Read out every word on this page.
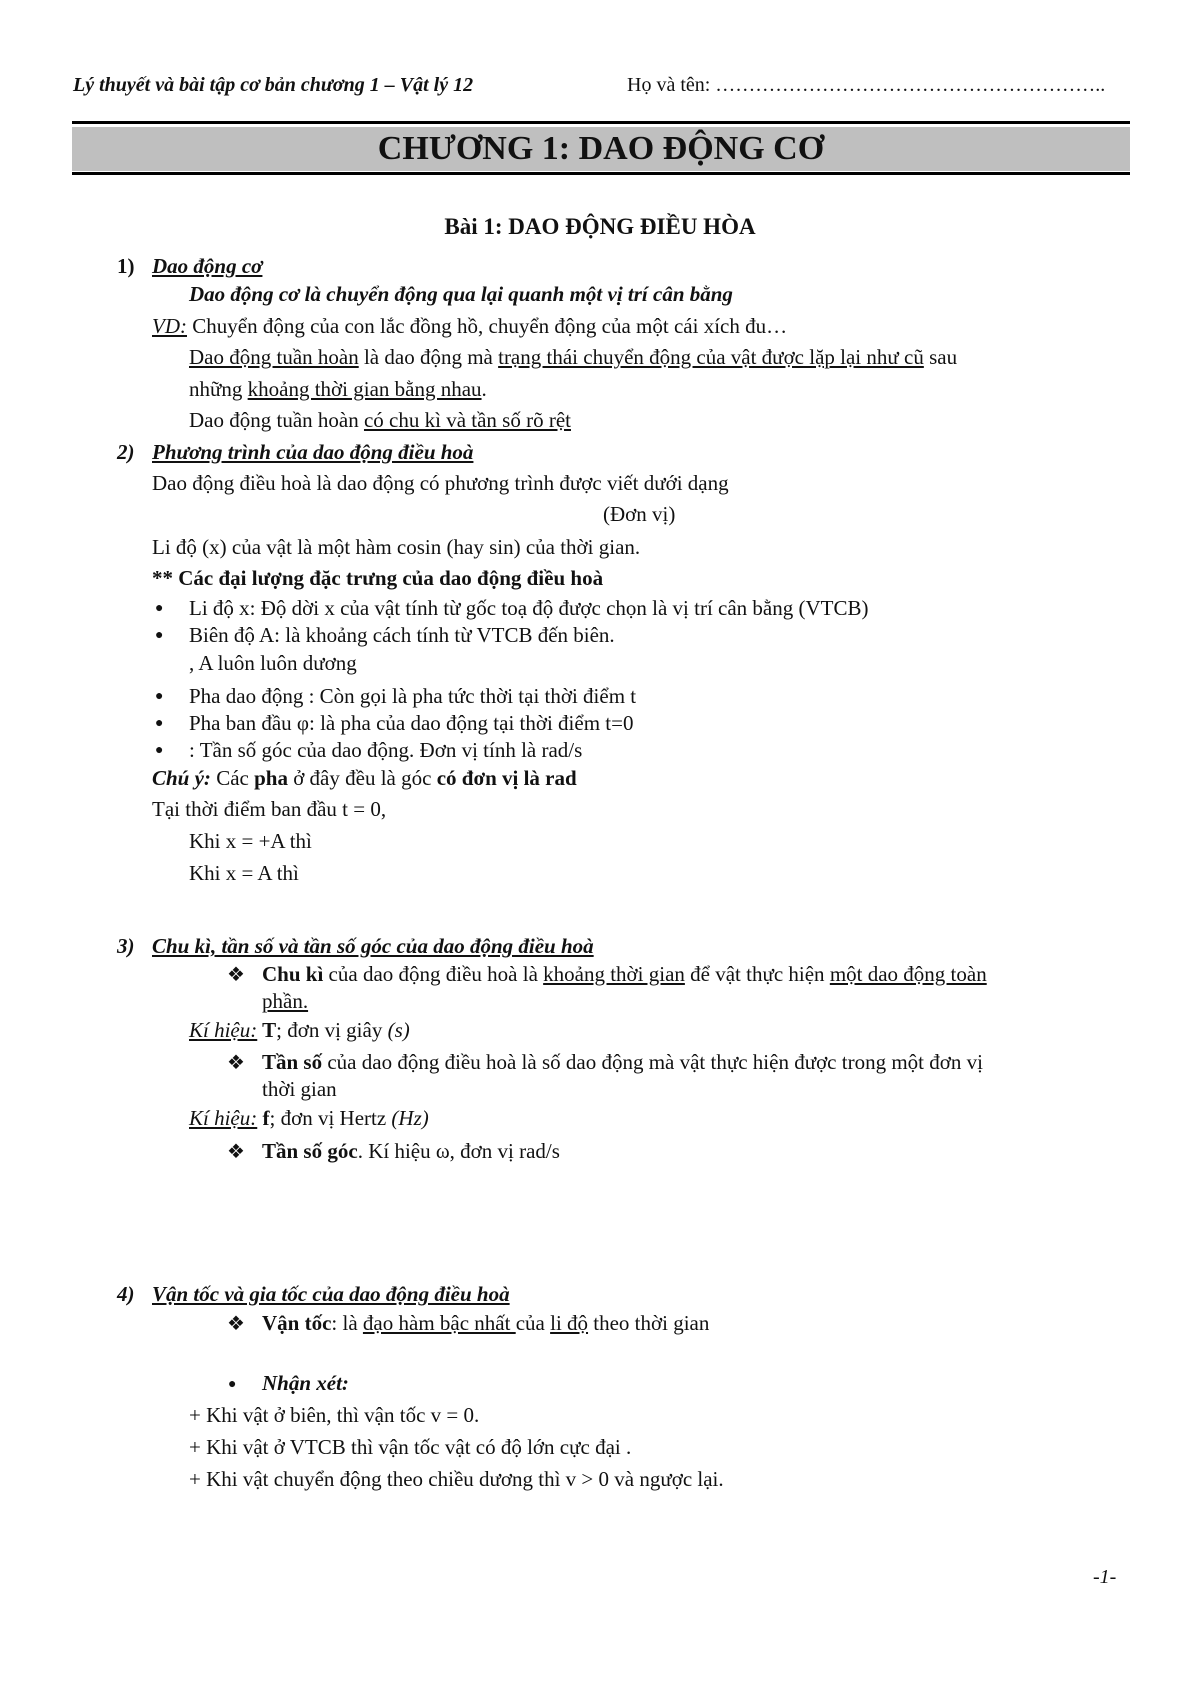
Lý thuyết và bài tập cơ bản chương 1 – Vật lý 12	Họ và tên: …………………………………………………..
CHƯƠNG 1: DAO ĐỘNG CƠ
Bài 1: DAO ĐỘNG ĐIỀU HÒA
1) Dao động cơ
Dao động cơ là chuyển động qua lại quanh một vị trí cân bằng
VD: Chuyển động của con lắc đồng hồ, chuyển động của một cái xích đu…
Dao động tuần hoàn là dao động mà trạng thái chuyển động của vật được lặp lại như cũ sau
những khoảng thời gian bằng nhau.
Dao động tuần hoàn có chu kì và tần số rõ rệt
2) Phương trình của dao động điều hoà
Dao động điều hoà là dao động có phương trình được viết dưới dạng
(Đơn vị)
Li độ (x) của vật là một hàm cosin (hay sin) của thời gian.
** Các đại lượng đặc trưng của dao động điều hoà
● Li độ x: Độ dời x của vật tính từ gốc toạ độ được chọn là vị trí cân bằng (VTCB)
● Biên độ A: là khoảng cách tính từ VTCB đến biên.
, A luôn luôn dương
● Pha dao động : Còn gọi là pha tức thời tại thời điểm t
● Pha ban đầu φ: là pha của dao động tại thời điểm t=0
● : Tần số góc của dao động. Đơn vị tính là rad/s
Chú ý: Các pha ở đây đều là góc có đơn vị là rad
Tại thời điểm ban đầu t = 0,
Khi x = +A thì
Khi x = A thì
3) Chu kì, tần số và tần số góc của dao động điều hoà
❖ Chu kì của dao động điều hoà là khoảng thời gian để vật thực hiện một dao động toàn
phần.
Kí hiệu: T; đơn vị giây (s)
❖ Tần số của dao động điều hoà là số dao động mà vật thực hiện được trong một đơn vị
thời gian
Kí hiệu: f; đơn vị Hertz (Hz)
❖ Tần số góc. Kí hiệu ω, đơn vị rad/s
4) Vận tốc và gia tốc của dao động điều hoà
❖ Vận tốc: là đạo hàm bậc nhất của li độ theo thời gian
● Nhận xét:
+ Khi vật ở biên, thì vận tốc v = 0.
+ Khi vật ở VTCB thì vận tốc vật có độ lớn cực đại .
+ Khi vật chuyển động theo chiều dương thì v > 0 và ngược lại.
-1-
